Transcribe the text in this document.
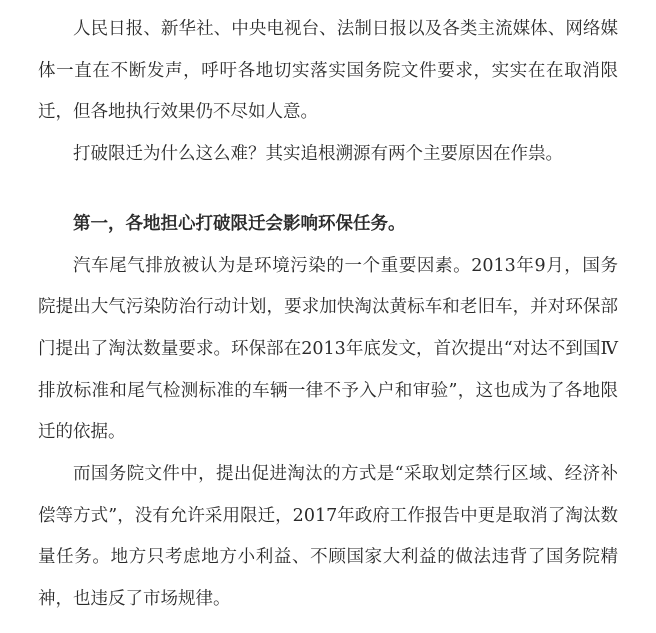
人民日报、新华社、中央电视台、法制日报以及各类主流媒体、网络媒体一直在不断发声，呼吁各地切实落实国务院文件要求，实实在在取消限迁，但各地执行效果仍不尽如人意。

打破限迁为什么这么难？其实追根溯源有两个主要原因在作祟。

第一，各地担心打破限迁会影响环保任务。

汽车尾气排放被认为是环境污染的一个重要因素。2013年9月，国务院提出大气污染防治行动计划，要求加快淘汰黄标车和老旧车，并对环保部门提出了淘汰数量要求。环保部在2013年底发文，首次提出“对达不到国Ⅳ排放标准和尾气检测标准的车辆一律不予入户和审验”，这也成为了各地限迁的依据。

而国务院文件中，提出促进淘汰的方式是“采取划定禁行区域、经济补偿等方式”，没有允许采用限迁，2017年政府工作报告中更是取消了淘汰数量任务。地方只考虑地方小利益、不顾国家大利益的做法违背了国务院精神，也违反了市场规律。
